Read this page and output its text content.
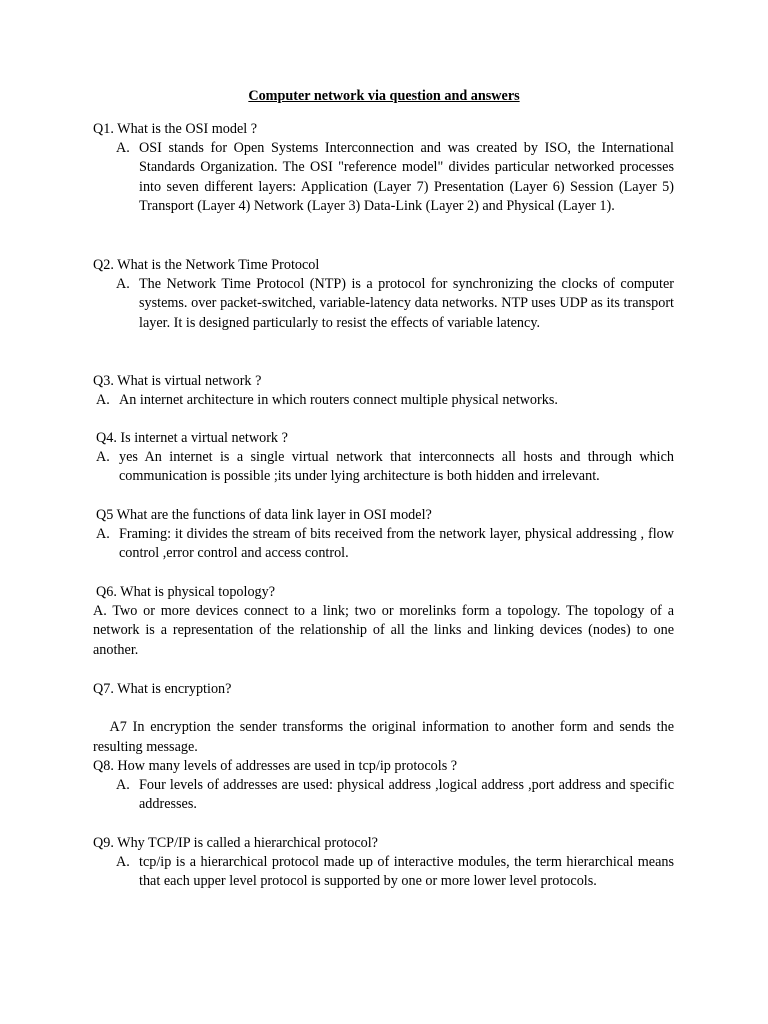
Computer network via question and answers
Q1. What is the OSI model ?
A. OSI stands for Open Systems Interconnection and was created by ISO, the International Standards Organization. The OSI "reference model" divides particular networked processes into seven different layers: Application (Layer 7) Presentation (Layer 6) Session (Layer 5) Transport (Layer 4) Network (Layer 3) Data-Link (Layer 2) and Physical (Layer 1).
Q2. What is the Network Time Protocol
A. The Network Time Protocol (NTP) is a protocol for synchronizing the clocks of computer systems. over packet-switched, variable-latency data networks. NTP uses UDP as its transport layer. It is designed particularly to resist the effects of variable latency.
Q3. What is virtual network ?
A. An internet architecture in which routers connect multiple physical networks.
Q4. Is internet a virtual network ?
A. yes An internet is a single virtual network that interconnects all hosts and through which communication is possible ;its under lying architecture is both hidden and irrelevant.
Q5 What are the functions of data link layer in OSI model?
A. Framing: it divides the stream of bits received from the network layer, physical addressing , flow control ,error control and access control.
Q6. What is physical topology?
A. Two or more devices connect to a link; two or morelinks form a topology. The topology of a network is a representation of the relationship of all the links and linking devices (nodes) to one another.
Q7. What is encryption?

A7 In encryption the sender transforms the original information to another form and sends the resulting message.

Q8. How many levels of addresses are used in tcp/ip protocols ?
A. Four levels of addresses are used: physical address ,logical address ,port address and specific addresses.
Q9. Why TCP/IP is called a hierarchical protocol?
A. tcp/ip is a hierarchical protocol made up of interactive modules, the term hierarchical means that each upper level protocol is supported by one or more lower level protocols.
